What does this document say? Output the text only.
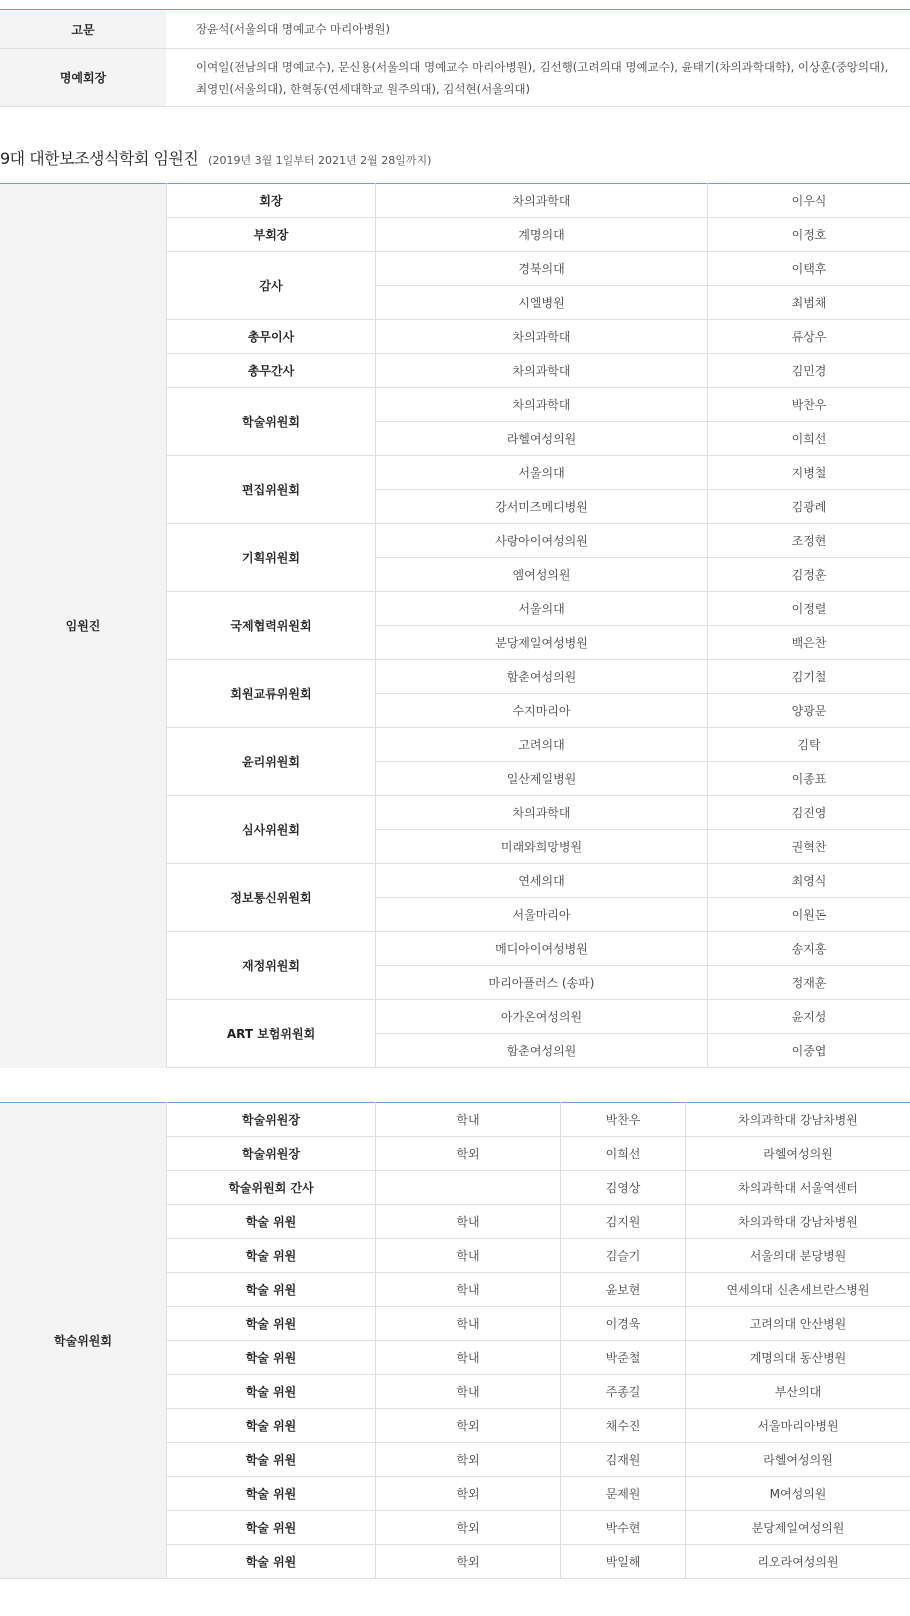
고문	장윤석(서울의대 명예교수 마리아병원)
명예회장	이여일(전남의대 명예교수), 문신용(서울의대 명예교수 마리아병원), 김선행(고려의대 명예교수), 윤태기(차의과학대학), 이상훈(중앙의대),
최영민(서울의대), 한혁동(연세대학교 원주의대), 김석현(서울의대)
9대 대한보조생식학회 임원진 (2019년 3월 1일부터 2021년 2월 28일까지)
임원진	회장	차의과학대	이우식
	부회장	계명의대	이정호
	감사	경북의대	이택후
		시엘병원	최범채
	총무이사	차의과학대	류상우
	총무간사	차의과학대	김민경
	학술위원회	차의과학대	박찬우
		라헬여성의원	이희선
	편집위원회	서울의대	지병철
		강서미즈메디병원	김광례
	기획위원회	사랑아이여성의원	조정현
		엠여성의원	김정훈
	국제협력위원회	서울의대	이정렬
		분당제일여성병원	백은찬
	회원교류위원회	함춘여성의원	김기철
		수지마리아	양광문
	윤리위원회	고려의대	김탁
		일산제일병원	이종표
	심사위원회	차의과학대	김진영
		미래와희망병원	권혁찬
	정보통신위원회	연세의대	최영식
		서울마리아	이원돈
	재정위원회	메디아이여성병원	송지홍
		마리아플러스 (송파)	정재훈
	ART 보험위원회	아가온여성의원	윤지성
		함춘여성의원	이중엽
학술위원회	학술위원장	학내	박찬우	차의과학대 강남차병원
	학술위원장	학외	이희선	라헬여성의원
	학술위원회 간사		김영상	차의과학대 서울역센터
	학술 위원	학내	김지원	차의과학대 강남차병원
	학술 위원	학내	김슬기	서울의대 분당병원
	학술 위원	학내	윤보현	연세의대 신촌세브란스병원
	학술 위원	학내	이경욱	고려의대 안산병원
	학술 위원	학내	박준철	계명의대 동산병원
	학술 위원	학내	주종길	부산의대
	학술 위원	학외	채수진	서울마리아병원
	학술 위원	학외	김재원	라헬여성의원
	학술 위원	학외	문제원	M여성의원
	학술 위원	학외	박수현	분당제일여성의원
	학술 위원	학외	박일해	리오라여성의원
